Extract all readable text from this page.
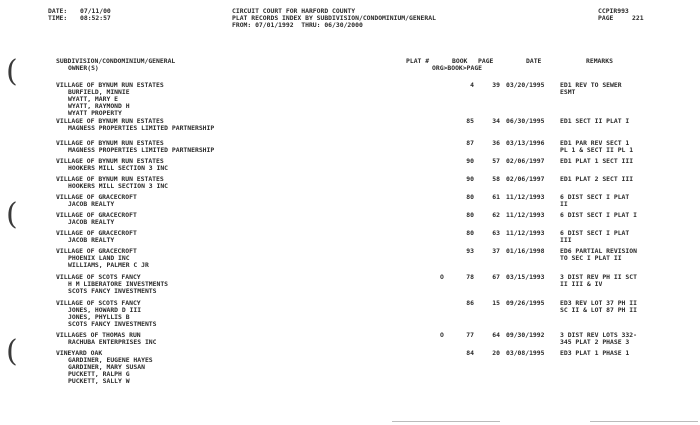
(
(
(
DATE: 07/11/00
TIME: 08:52:57
CIRCUIT COURT FOR HARFORD COUNTY
PLAT RECORDS INDEX BY SUBDIVISION/CONDOMINIUM/GENERAL
FROM: 07/01/1992  THRU: 06/30/2000
CCPIR993
PAGE	221
SUBDIVISION/CONDOMINIUM/GENERAL
OWNER(S)
PLAT #	BOOK PAGE
ORG>BOOK>PAGE
DATE	REMARKS
VILLAGE OF BYNUM RUN ESTATES
BURFIELD, MINNIE
WYATT, MARY E
WYATT, RAYMOND H
WYATT PROPERTY
4	39 03/20/1995 ED1 REV TO SEWER
ESMT
VILLAGE OF BYNUM RUN ESTATES
MAGNESS PROPERTIES LIMITED PARTNERSHIP
85	34 06/30/1995 ED1 SECT II PLAT I
VILLAGE OF BYNUM RUN ESTATES
MAGNESS PROPERTIES LIMITED PARTNERSHIP
87	36 03/13/1996 ED1 PAR REV SECT 1
PL 1 & SECT II PL 1
VILLAGE OF BYNUM RUN ESTATES
HOOKERS MILL SECTION 3 INC
90	57 02/06/1997 ED1 PLAT 1 SECT III
VILLAGE OF BYNUM RUN ESTATES
HOOKERS MILL SECTION 3 INC
90	58 02/06/1997 ED1 PLAT 2 SECT III
VILLAGE OF GRACECROFT
JACOB REALTY
80	61 11/12/1993 6 DIST SECT I PLAT
II
VILLAGE OF GRACECROFT
JACOB REALTY
80	62 11/12/1993 6 DIST SECT I PLAT I
VILLAGE OF GRACECROFT
JACOB REALTY
80	63 11/12/1993 6 DIST SECT I PLAT
III
VILLAGE OF GRACECROFT
PHOENIX LAND INC
WILLIAMS, PALMER C JR
93	37 01/16/1998 ED6 PARTIAL REVISION
TO SEC I PLAT II
VILLAGE OF SCOTS FANCY
H M LIBERATORE INVESTMENTS
SCOTS FANCY INVESTMENTS
O	78	67 03/15/1993 3 DIST REV PH II SCT
II III & IV
VILLAGE OF SCOTS FANCY
JONES, HOWARD D III
JONES, PHYLLIS B
SCOTS FANCY INVESTMENTS
86	15 09/26/1995 ED3 REV LOT 37 PH II
SC II & LOT 87 PH II
VILLAGES OF THOMAS RUN
RACHUBA ENTERPRISES INC
O	77	64 09/30/1992 3 DIST REV LOTS 332-
345 PLAT 2 PHASE 3
VINEYARD OAK
GARDINER, EUGENE HAYES
GARDINER, MARY SUSAN
PUCKETT, RALPH G
PUCKETT, SALLY W
84	20 03/08/1995 ED3 PLAT 1 PHASE 1
